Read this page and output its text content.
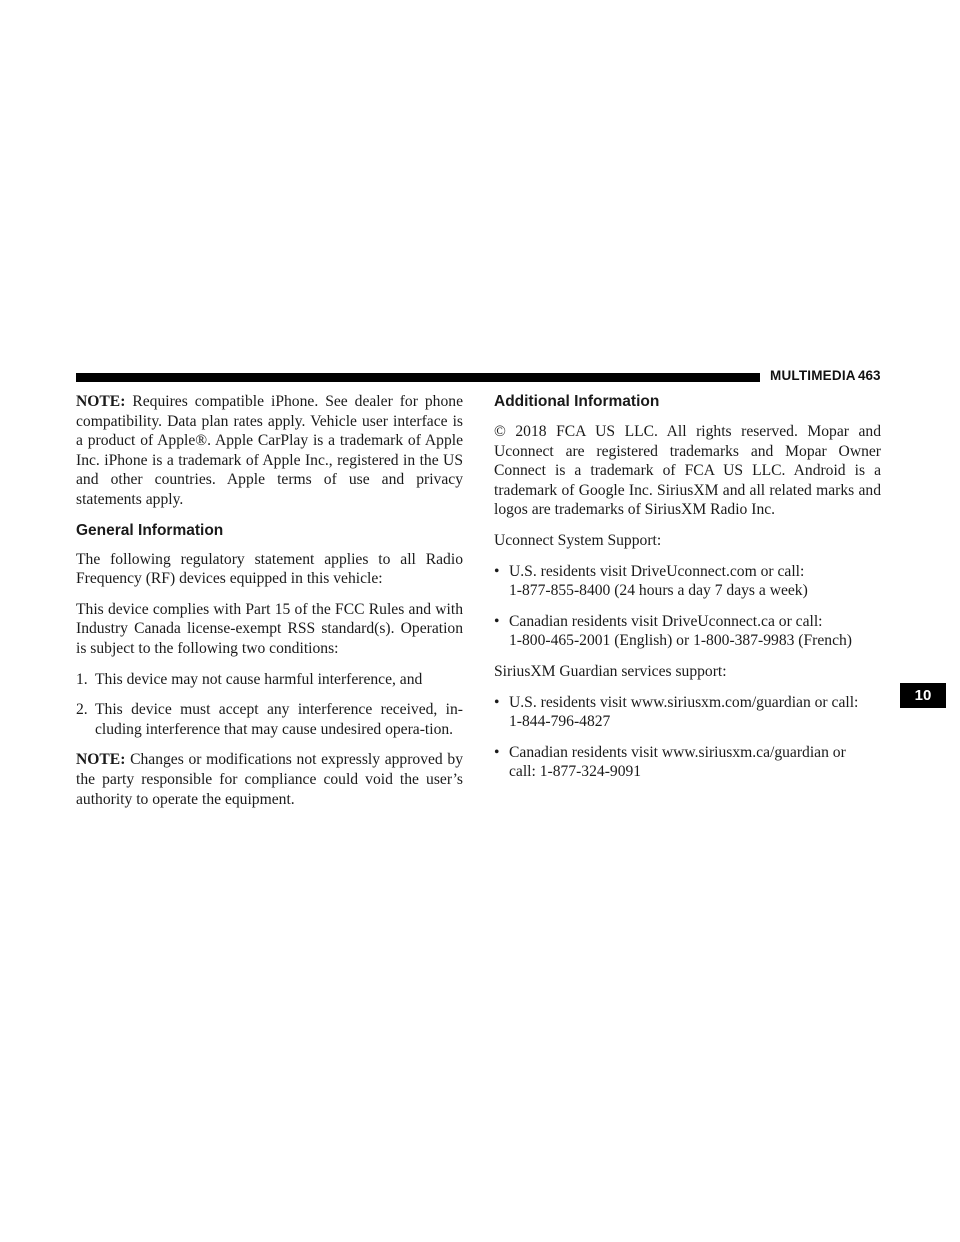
MULTIMEDIA 463
10

NOTE: Requires compatible iPhone. See dealer for phone compatibility. Data plan rates apply. Vehicle user interface is a product of Apple®. Apple CarPlay is a trademark of Apple Inc. iPhone is a trademark of Apple Inc., registered in the US and other countries. Apple terms of use and privacy statements apply.

General Information

The following regulatory statement applies to all Radio Frequency (RF) devices equipped in this vehicle:

This device complies with Part 15 of the FCC Rules and with Industry Canada license-exempt RSS standard(s). Operation is subject to the following two conditions:

1. This device may not cause harmful interference, and
2. This device must accept any interference received, in-cluding interference that may cause undesired opera-tion.

NOTE: Changes or modifications not expressly approved by the party responsible for compliance could void the user’s authority to operate the equipment.

Additional Information

© 2018 FCA US LLC. All rights reserved. Mopar and Uconnect are registered trademarks and Mopar Owner Connect is a trademark of FCA US LLC. Android is a trademark of Google Inc. SiriusXM and all related marks and logos are trademarks of SiriusXM Radio Inc.

Uconnect System Support:

• U.S. residents visit DriveUconnect.com or call:
1-877-855-8400 (24 hours a day 7 days a week)
• Canadian residents visit DriveUconnect.ca or call:
1-800-465-2001 (English) or 1-800-387-9983 (French)

SiriusXM Guardian services support:

• U.S. residents visit www.siriusxm.com/guardian or call:
1-844-796-4827
• Canadian residents visit www.siriusxm.ca/guardian or
call: 1-877-324-9091
